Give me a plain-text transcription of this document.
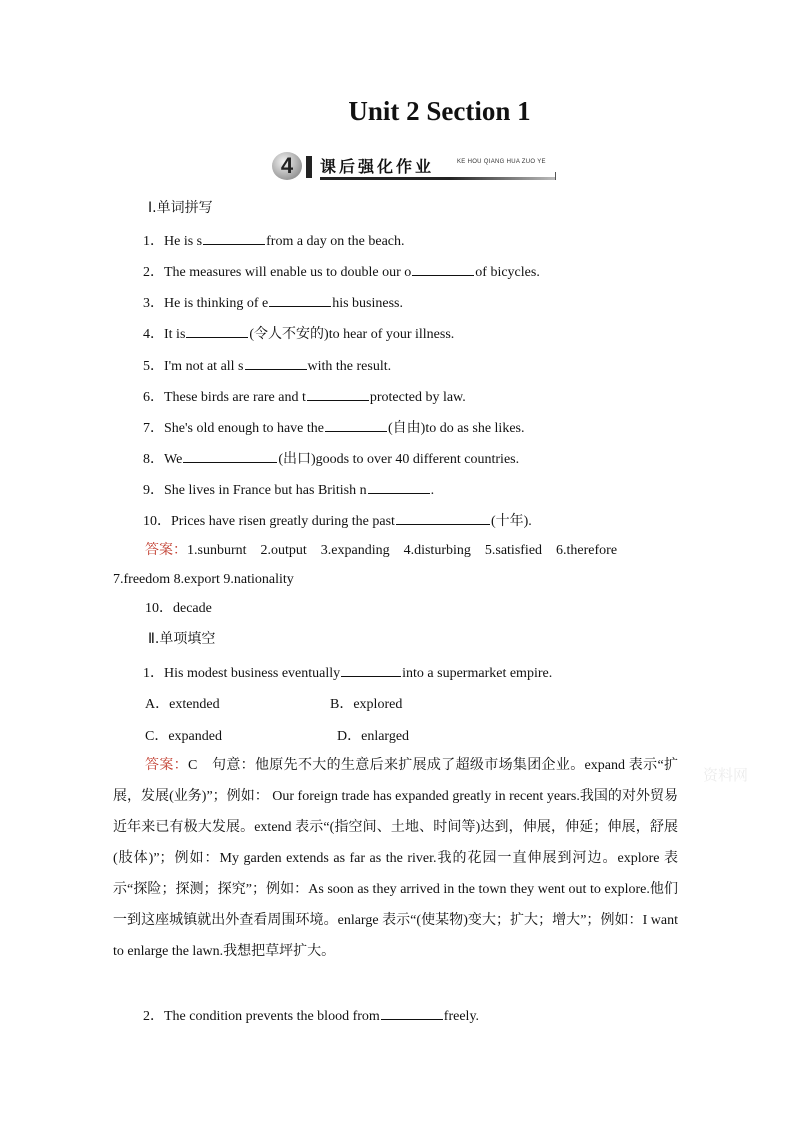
Unit 2 Section 1
4	课后强化作业	KE HOU QIANG HUA ZUO YE
Ⅰ.单词拼写
1．He is s	from a day on the beach.
2．The measures will enable us to double our o	of bicycles.
3．He is thinking of e	his business.
4．It is	(令人不安的)to hear of your illness.
5．I'm not at all s	with the result.
6．These birds are rare and t	protected by law.
7．She's old enough to have the	(自由)to do as she likes.
8．We	(出口)goods to over 40 different countries.
9．She lives in France but has British n	.
10．Prices have risen greatly during the past	(十年).
答案：1.sunburnt    2.output    3.expanding    4.disturbing    5.satisfied    6.therefore
7.freedom 8.export 9.nationality
10．decade
Ⅱ.单项填空
1．His modest business eventually	into a supermarket empire.
A．extended	B．explored
C．expanded	D．enlarged
答案：C　句意：他原先不大的生意后来扩展成了超级市场集团企业。expand 表示“扩展，发展(业务)”；例如： Our foreign trade has expanded greatly in recent years.我国的对外贸易近年来已有极大发展。extend 表示“(指空间、土地、时间等)达到，伸展，伸延；伸展，舒展(肢体)”；例如：My garden extends as far as the river.我的花园一直伸展到河边。explore 表示“探险；探测；探究”；例如：As soon as they arrived in the town they went out to explore.他们一到这座城镇就出外查看周围环境。enlarge 表示“(使某物)变大；扩大；增大”；例如：I want to enlarge the lawn.我想把草坪扩大。
2．The condition prevents the blood from	freely.
资料网
